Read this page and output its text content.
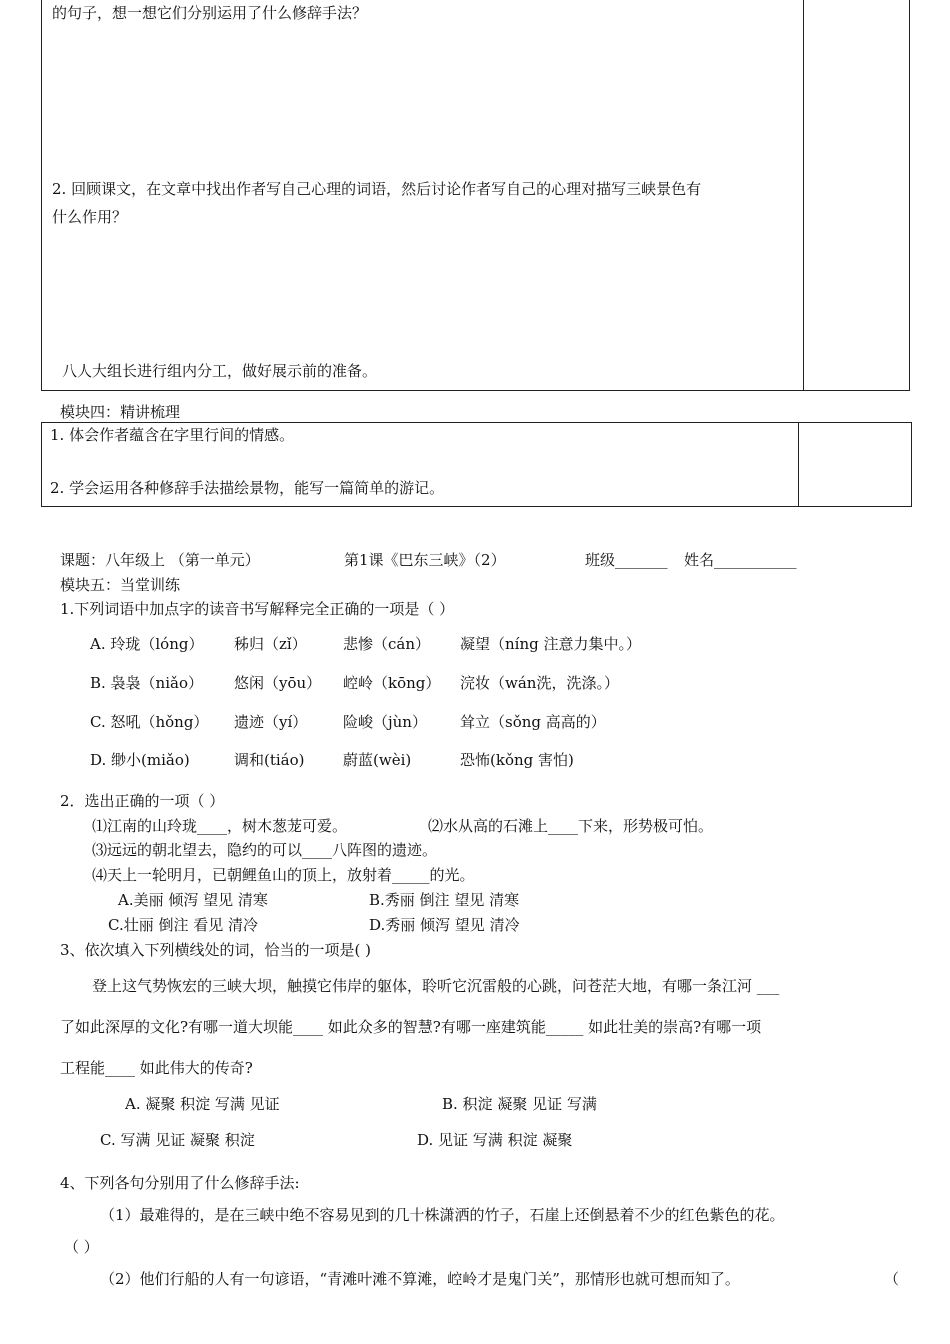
的句子，想一想它们分别运用了什么修辞手法？
2. 回顾课文，在文章中找出作者写自己心理的词语，然后讨论作者写自己的心理对描写三峡景色有
什么作用？
八人大组长进行组内分工，做好展示前的准备。
模块四：精讲梳理
1. 体会作者蕴含在字里行间的情感。
2. 学会运用各种修辞手法描绘景物，能写一篇简单的游记。
课题：八年级上 （第一单元）	第1课《巴东三峡》（2）	班级_______ 姓名___________
模块五：当堂训练
1.下列词语中加点字的读音书写解释完全正确的一项是（ ）
A. 玲珑（lóng） 秭归（zǐ） 悲惨（cán） 凝望（níng 注意力集中。）
B. 袅袅（niǎo） 悠闲（yōu） 崆岭（kōng） 浣妆（wán洗，洗涤。）
C. 怒吼（hǒng） 遗迹（yí） 险峻（jùn） 耸立（sǒng 高高的）
D. 缈小(miǎo)	调和(tiáo)	蔚蓝(wèi)	恐怖(kǒng 害怕)
2．选出正确的一项（ ）
⑴江南的山玲珑____，树木葱茏可爱。	⑵水从高的石滩上____下来，形势极可怕。
⑶远远的朝北望去，隐约的可以____八阵图的遗迹。
⑷天上一轮明月，已朝鲤鱼山的顶上，放射着_____的光。
A.美丽 倾泻 望见 清寒	B.秀丽 倒注 望见 清寒
C.壮丽 倒注 看见 清冷	D.秀丽 倾泻 望见 清冷
3、依次填入下列横线处的词，恰当的一项是( )
登上这气势恢宏的三峡大坝，触摸它伟岸的躯体，聆听它沉雷般的心跳，问苍茫大地，有哪一条江河 ___
了如此深厚的文化?有哪一道大坝能____ 如此众多的智慧?有哪一座建筑能_____ 如此壮美的崇高?有哪一项
工程能____ 如此伟大的传奇?
A. 凝聚 积淀 写满 见证	B. 积淀 凝聚 见证 写满
C. 写满 见证 凝聚 积淀	D. 见证 写满 积淀 凝聚
4、下列各句分别用了什么修辞手法:
（1）最难得的，是在三峡中绝不容易见到的几十株潇洒的竹子，石崖上还倒悬着不少的红色紫色的花。
（ ）
（2）他们行船的人有一句谚语，“青滩叶滩不算滩，崆岭才是鬼门关”，那情形也就可想而知了。	（
